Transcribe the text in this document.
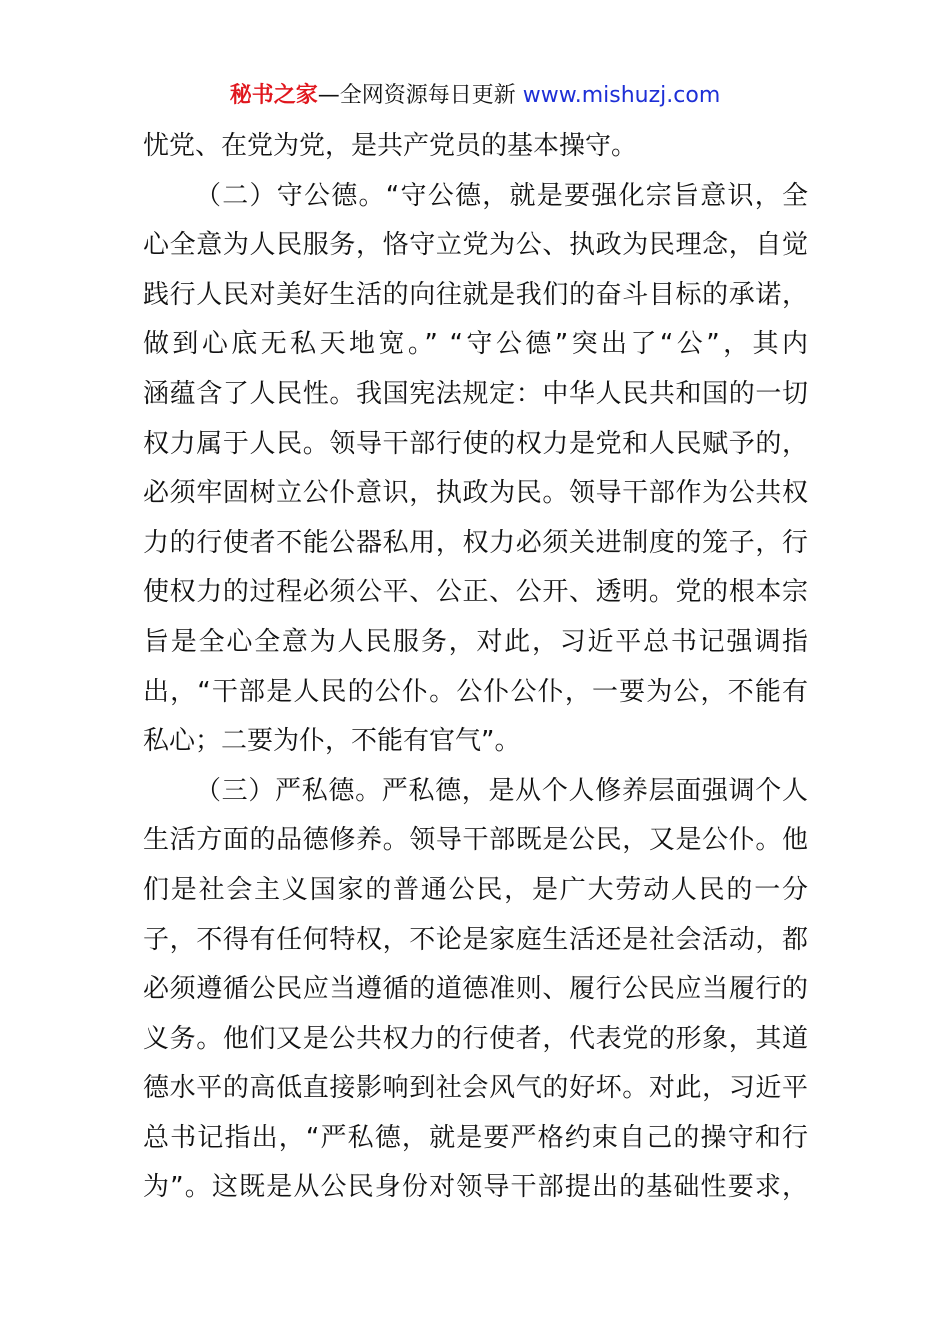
秘书之家—全网资源每日更新 www.mishuzj.com
忧党、在党为党，是共产党员的基本操守。
（二）守公德。“守公德，就是要强化宗旨意识，全
心全意为人民服务，恪守立党为公、执政为民理念，自觉
践行人民对美好生活的向往就是我们的奋斗目标的承诺，
做到心底无私天地宽。” “守公德”突出了“公”，其内
涵蕴含了人民性。我国宪法规定：中华人民共和国的一切
权力属于人民。领导干部行使的权力是党和人民赋予的，
必须牢固树立公仆意识，执政为民。领导干部作为公共权
力的行使者不能公器私用，权力必须关进制度的笼子，行
使权力的过程必须公平、公正、公开、透明。党的根本宗
旨是全心全意为人民服务，对此，习近平总书记强调指
出，“干部是人民的公仆。公仆公仆，一要为公，不能有
私心；二要为仆，不能有官气”。
（三）严私德。严私德，是从个人修养层面强调个人
生活方面的品德修养。领导干部既是公民，又是公仆。他
们是社会主义国家的普通公民，是广大劳动人民的一分
子，不得有任何特权，不论是家庭生活还是社会活动，都
必须遵循公民应当遵循的道德准则、履行公民应当履行的
义务。他们又是公共权力的行使者，代表党的形象，其道
德水平的高低直接影响到社会风气的好坏。对此，习近平
总书记指出，“严私德，就是要严格约束自己的操守和行
为”。这既是从公民身份对领导干部提出的基础性要求，
